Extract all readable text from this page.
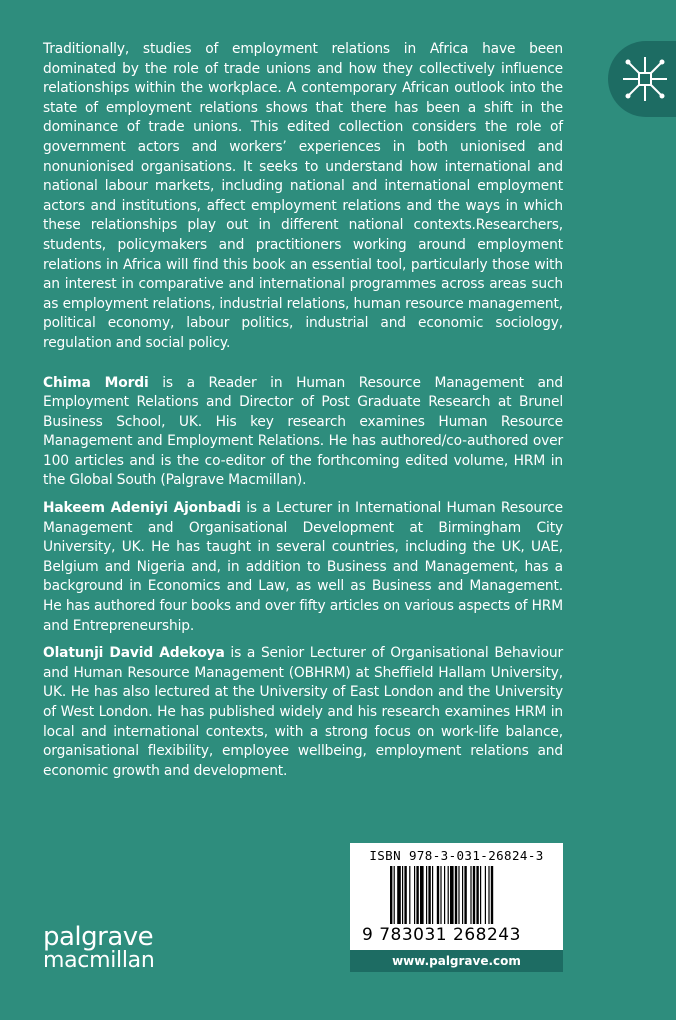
Traditionally, studies of employment relations in Africa have been dominated by the role of trade unions and how they collectively influence relationships within the workplace. A contemporary African outlook into the state of employment relations shows that there has been a shift in the dominance of trade unions. This edited collection considers the role of government actors and workers’ experiences in both unionised and nonunionised organisations. It seeks to understand how international and national labour markets, including national and international employment actors and institutions, affect employment relations and the ways in which these relationships play out in different national contexts.Researchers, students, policymakers and practitioners working around employment relations in Africa will find this book an essential tool, particularly those with an interest in comparative and international programmes across areas such as employment relations, industrial relations, human resource management, political economy, labour politics, industrial and economic sociology, regulation and social policy.

Chima Mordi is a Reader in Human Resource Management and Employment Relations and Director of Post Graduate Research at Brunel Business School, UK. His key research examines Human Resource Management and Employment Relations. He has authored/co-authored over 100 articles and is the co-editor of the forthcoming edited volume, HRM in the Global South (Palgrave Macmillan).

Hakeem Adeniyi Ajonbadi is a Lecturer in International Human Resource Management and Organisational Development at Birmingham City University, UK. He has taught in several countries, including the UK, UAE, Belgium and Nigeria and, in addition to Business and Management, has a background in Economics and Law, as well as Business and Management. He has authored four books and over fifty articles on various aspects of HRM and Entrepreneurship.

Olatunji David Adekoya is a Senior Lecturer of Organisational Behaviour and Human Resource Management (OBHRM) at Sheffield Hallam University, UK. He has also lectured at the University of East London and the University of West London. He has published widely and his research examines HRM in local and international contexts, with a strong focus on work-life balance, organisational flexibility, employee wellbeing, employment relations and economic growth and development.

ISBN 978-3-031-26824-3
9 783031 268243
www.palgrave.com
palgrave
macmillan
